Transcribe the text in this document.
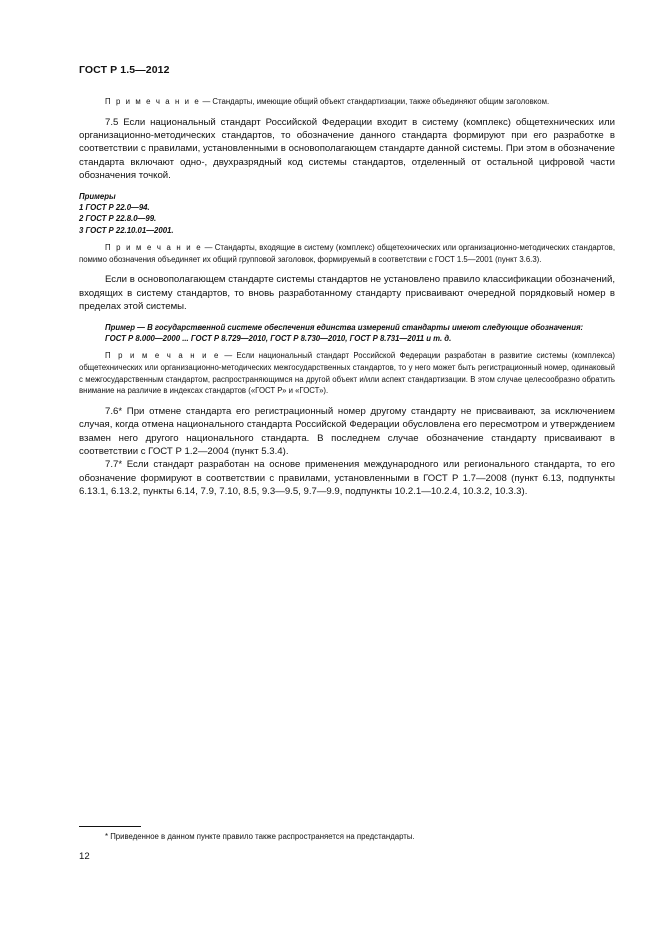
ГОСТ Р 1.5—2012

П р и м е ч а н и е — Стандарты, имеющие общий объект стандартизации, также объединяют общим заголовком.

7.5 Если национальный стандарт Российской Федерации входит в систему (комплекс) общетехнических или организационно-методических стандартов, то обозначение данного стандарта формируют при его разработке в соответствии с правилами, установленными в основополагающем стандарте данной системы. При этом в обозначение стандарта включают одно-, двухразрядный код системы стандартов, отделенный от остальной цифровой части обозначения точкой.

Примеры
1 ГОСТ Р 22.0—94.
2 ГОСТ Р 22.8.0—99.
3 ГОСТ Р 22.10.01—2001.

П р и м е ч а н и е — Стандарты, входящие в систему (комплекс) общетехнических или организационно-методических стандартов, помимо обозначения объединяет их общий групповой заголовок, формируемый в соответствии с ГОСТ 1.5—2001 (пункт 3.6.3).

Если в основополагающем стандарте системы стандартов не установлено правило классификации обозначений, входящих в систему стандартов, то вновь разработанному стандарту присваивают очередной порядковый номер в пределах этой системы.

Пример — В государственной системе обеспечения единства измерений стандарты имеют следующие обозначения:

ГОСТ Р 8.000—2000 ... ГОСТ Р 8.729—2010, ГОСТ Р 8.730—2010, ГОСТ Р 8.731—2011 и т. д.

П р и м е ч а н и е — Если национальный стандарт Российской Федерации разработан в развитие системы (комплекса) общетехнических или организационно-методических межгосударственных стандартов, то у него может быть регистрационный номер, одинаковый с межгосударственным стандартом, распространяющимся на другой объект и/или аспект стандартизации. В этом случае целесообразно обратить внимание на различие в индексах стандартов («ГОСТ Р» и «ГОСТ»).

7.6* При отмене стандарта его регистрационный номер другому стандарту не присваивают, за исключением случая, когда отмена национального стандарта Российской Федерации обусловлена его пересмотром и утверждением взамен него другого национального стандарта. В последнем случае обозначение стандарту присваивают в соответствии с ГОСТ Р 1.2—2004 (пункт 5.3.4).

7.7* Если стандарт разработан на основе применения международного или регионального стандарта, то его обозначение формируют в соответствии с правилами, установленными в ГОСТ Р 1.7—2008 (пункт 6.13, подпункты 6.13.1, 6.13.2, пункты 6.14, 7.9, 7.10, 8.5, 9.3—9.5, 9.7—9.9, подпункты 10.2.1—10.2.4, 10.3.2, 10.3.3).

* Приведенное в данном пункте правило также распространяется на предстандарты.
12
